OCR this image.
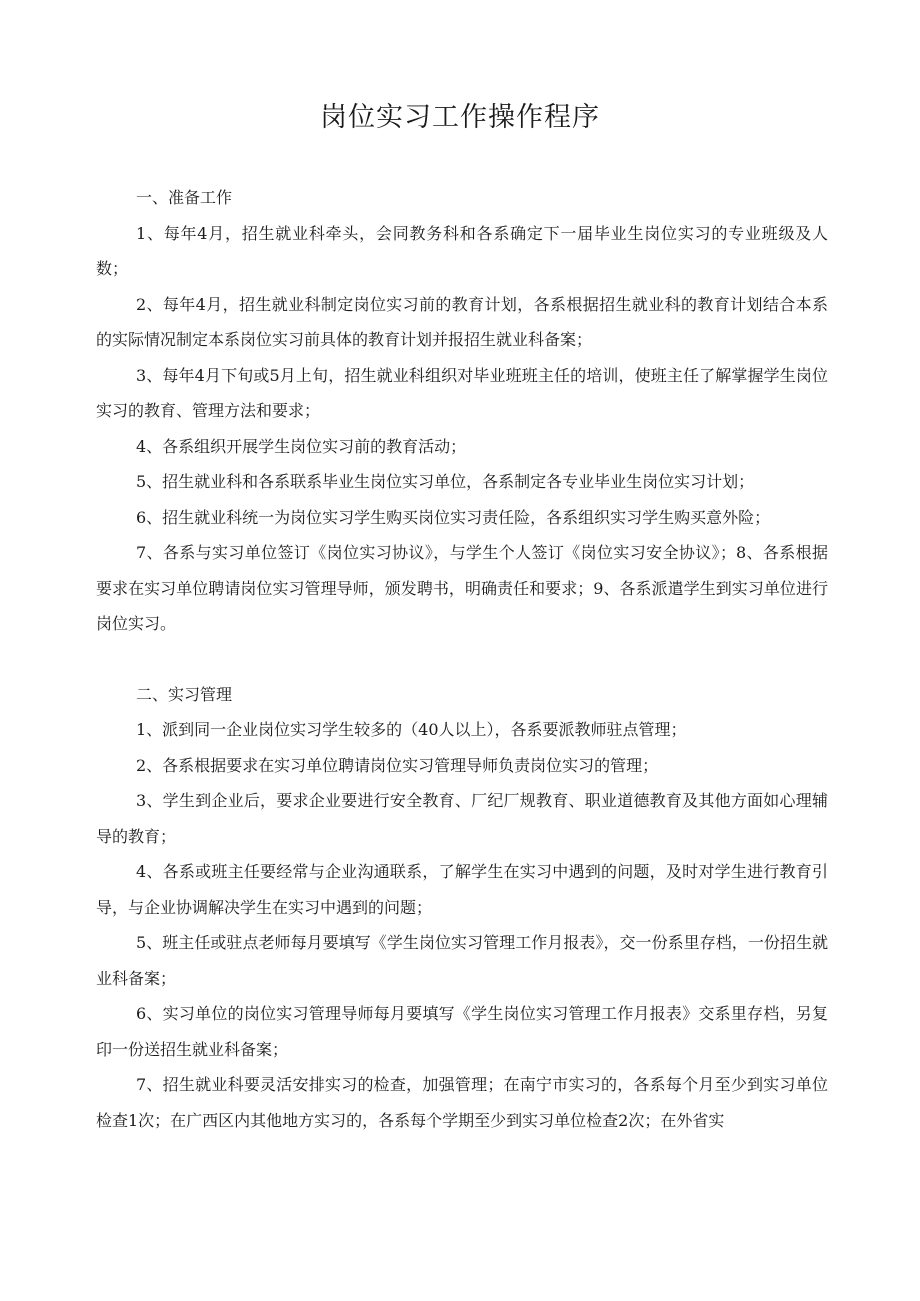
岗位实习工作操作程序

一、准备工作

1、每年4月，招生就业科牵头，会同教务科和各系确定下一届毕业生岗位实习的专业班级及人数；

2、每年4月，招生就业科制定岗位实习前的教育计划，各系根据招生就业科的教育计划结合本系的实际情况制定本系岗位实习前具体的教育计划并报招生就业科备案；

3、每年4月下旬或5月上旬，招生就业科组织对毕业班班主任的培训，使班主任了解掌握学生岗位实习的教育、管理方法和要求；

4、各系组织开展学生岗位实习前的教育活动；

5、招生就业科和各系联系毕业生岗位实习单位，各系制定各专业毕业生岗位实习计划；

6、招生就业科统一为岗位实习学生购买岗位实习责任险，各系组织实习学生购买意外险；

7、各系与实习单位签订《岗位实习协议》，与学生个人签订《岗位实习安全协议》；8、各系根据要求在实习单位聘请岗位实习管理导师，颁发聘书，明确责任和要求；9、各系派遣学生到实习单位进行岗位实习。

二、实习管理

1、派到同一企业岗位实习学生较多的（40人以上），各系要派教师驻点管理；

2、各系根据要求在实习单位聘请岗位实习管理导师负责岗位实习的管理；

3、学生到企业后，要求企业要进行安全教育、厂纪厂规教育、职业道德教育及其他方面如心理辅导的教育；

4、各系或班主任要经常与企业沟通联系，了解学生在实习中遇到的问题，及时对学生进行教育引导，与企业协调解决学生在实习中遇到的问题；

5、班主任或驻点老师每月要填写《学生岗位实习管理工作月报表》，交一份系里存档，一份招生就业科备案；

6、实习单位的岗位实习管理导师每月要填写《学生岗位实习管理工作月报表》交系里存档，另复印一份送招生就业科备案；

7、招生就业科要灵活安排实习的检查，加强管理；在南宁市实习的，各系每个月至少到实习单位检查1次；在广西区内其他地方实习的，各系每个学期至少到实习单位检查2次；在外省实
